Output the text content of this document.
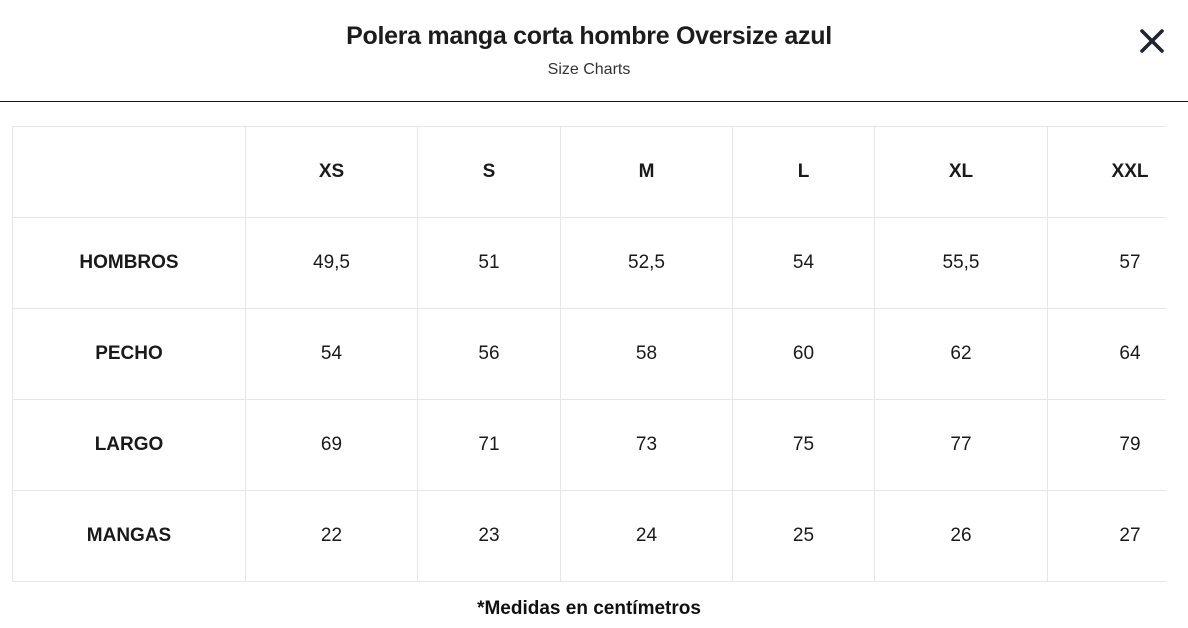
Polera manga corta hombre Oversize azul
Size Charts
	XS	S	M	L	XL	XXL
HOMBROS	49,5	51	52,5	54	55,5	57
PECHO	54	56	58	60	62	64
LARGO	69	71	73	75	77	79
MANGAS	22	23	24	25	26	27
*Medidas en centímetros
